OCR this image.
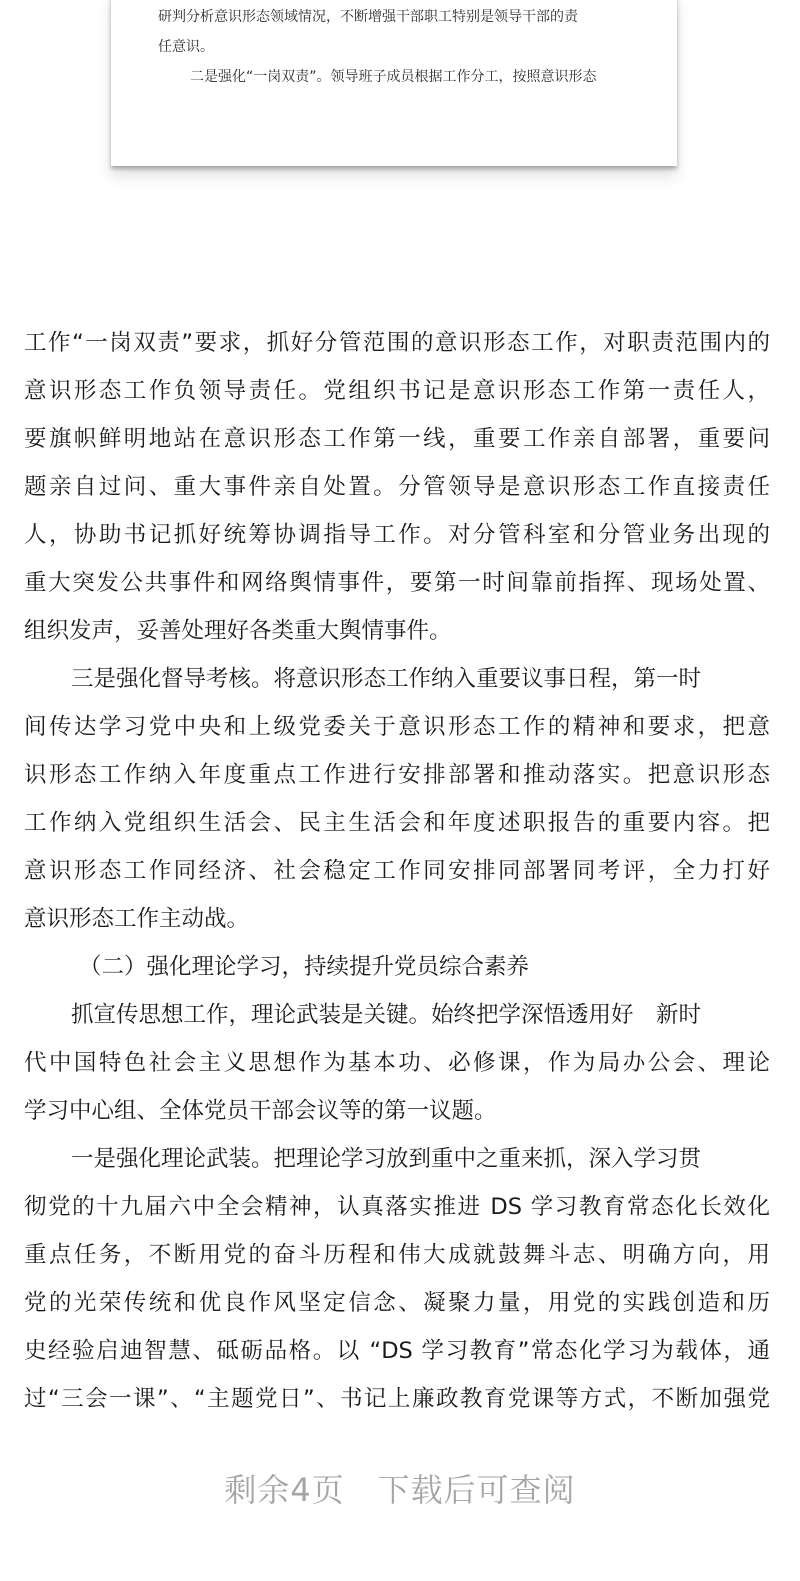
研判分析意识形态领域情况，不断增强干部职工特别是领导干部的责
任意识。
二是强化“一岗双责”。领导班子成员根据工作分工，按照意识形态
工作“一岗双责”要求，抓好分管范围的意识形态工作，对职责范围内的
意识形态工作负领导责任。党组织书记是意识形态工作第一责任人，
要旗帜鲜明地站在意识形态工作第一线，重要工作亲自部署，重要问
题亲自过问、重大事件亲自处置。分管领导是意识形态工作直接责任
人，协助书记抓好统筹协调指导工作。对分管科室和分管业务出现的
重大突发公共事件和网络舆情事件，要第一时间靠前指挥、现场处置、
组织发声，妥善处理好各类重大舆情事件。
三是强化督导考核。将意识形态工作纳入重要议事日程，第一时
间传达学习党中央和上级党委关于意识形态工作的精神和要求，把意
识形态工作纳入年度重点工作进行安排部署和推动落实。把意识形态
工作纳入党组织生活会、民主生活会和年度述职报告的重要内容。把
意识形态工作同经济、社会稳定工作同安排同部署同考评，全力打好
意识形态工作主动战。
（二）强化理论学习，持续提升党员综合素养
抓宣传思想工作，理论武装是关键。始终把学深悟透用好　新时
代中国特色社会主义思想作为基本功、必修课，作为局办公会、理论
学习中心组、全体党员干部会议等的第一议题。
一是强化理论武装。把理论学习放到重中之重来抓，深入学习贯
彻党的十九届六中全会精神，认真落实推进 DS 学习教育常态化长效化
重点任务，不断用党的奋斗历程和伟大成就鼓舞斗志、明确方向，用
党的光荣传统和优良作风坚定信念、凝聚力量，用党的实践创造和历
史经验启迪智慧、砥砺品格。以 “DS 学习教育”常态化学习为载体，通
过“三会一课”、“主题党日”、书记上廉政教育党课等方式，不断加强党
剩余4页　下载后可查阅
